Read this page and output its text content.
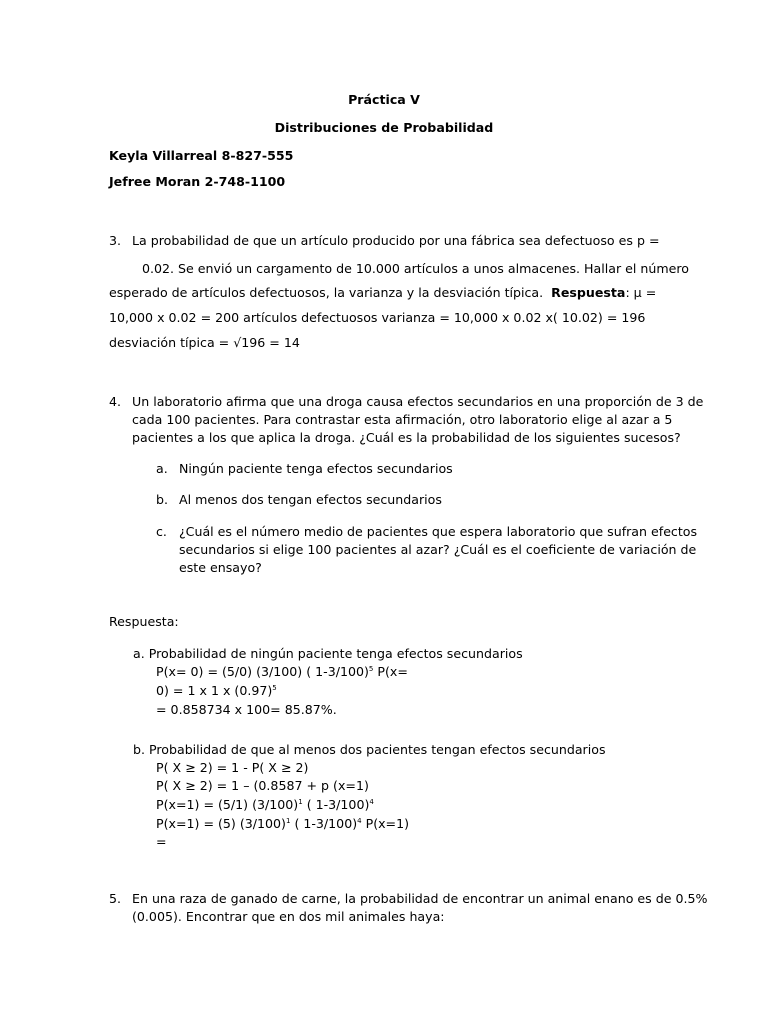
Práctica V
Distribuciones de Probabilidad
Keyla Villarreal 8-827-555
Jefree Moran 2-748-1100
3. La probabilidad de que un artículo producido por una fábrica sea defectuoso es p =
0.02. Se envió un cargamento de 10.000 artículos a unos almacenes. Hallar el número
esperado de artículos defectuosos, la varianza y la desviación típica. Respuesta: μ =
10,000 x 0.02 = 200 artículos defectuosos varianza = 10,000 x 0.02 x( 10.02) = 196
desviación típica = √196 = 14
4. Un laboratorio afirma que una droga causa efectos secundarios en una proporción de 3 de
cada 100 pacientes. Para contrastar esta afirmación, otro laboratorio elige al azar a 5
pacientes a los que aplica la droga. ¿Cuál es la probabilidad de los siguientes sucesos?
a. Ningún paciente tenga efectos secundarios
b. Al menos dos tengan efectos secundarios
c. ¿Cuál es el número medio de pacientes que espera laboratorio que sufran efectos
secundarios si elige 100 pacientes al azar? ¿Cuál es el coeficiente de variación de
este ensayo?
Respuesta:
a. Probabilidad de ningún paciente tenga efectos secundarios
P(x= 0) = (5/0) (3/100) ( 1-3/100)$^5$ P(x=
0) = 1 x 1 x $(0.97)^5$
= 0.858734 x 100= 85.87%.
b. Probabilidad de que al menos dos pacientes tengan efectos secundarios
P( X ≥ 2) = 1 - P( X ≥ 2)
P( X ≥ 2) = 1 – (0.8587 + p (x=1)
P(x=1) = (5/1) $(3/100)^1$ ( 1-3/100)$^4$
P(x=1) = (5) $(3/100)^1$ ( 1-3/100)$^4$ P(x=1)
=
5. En una raza de ganado de carne, la probabilidad de encontrar un animal enano es de 0.5%
(0.005). Encontrar que en dos mil animales haya:
